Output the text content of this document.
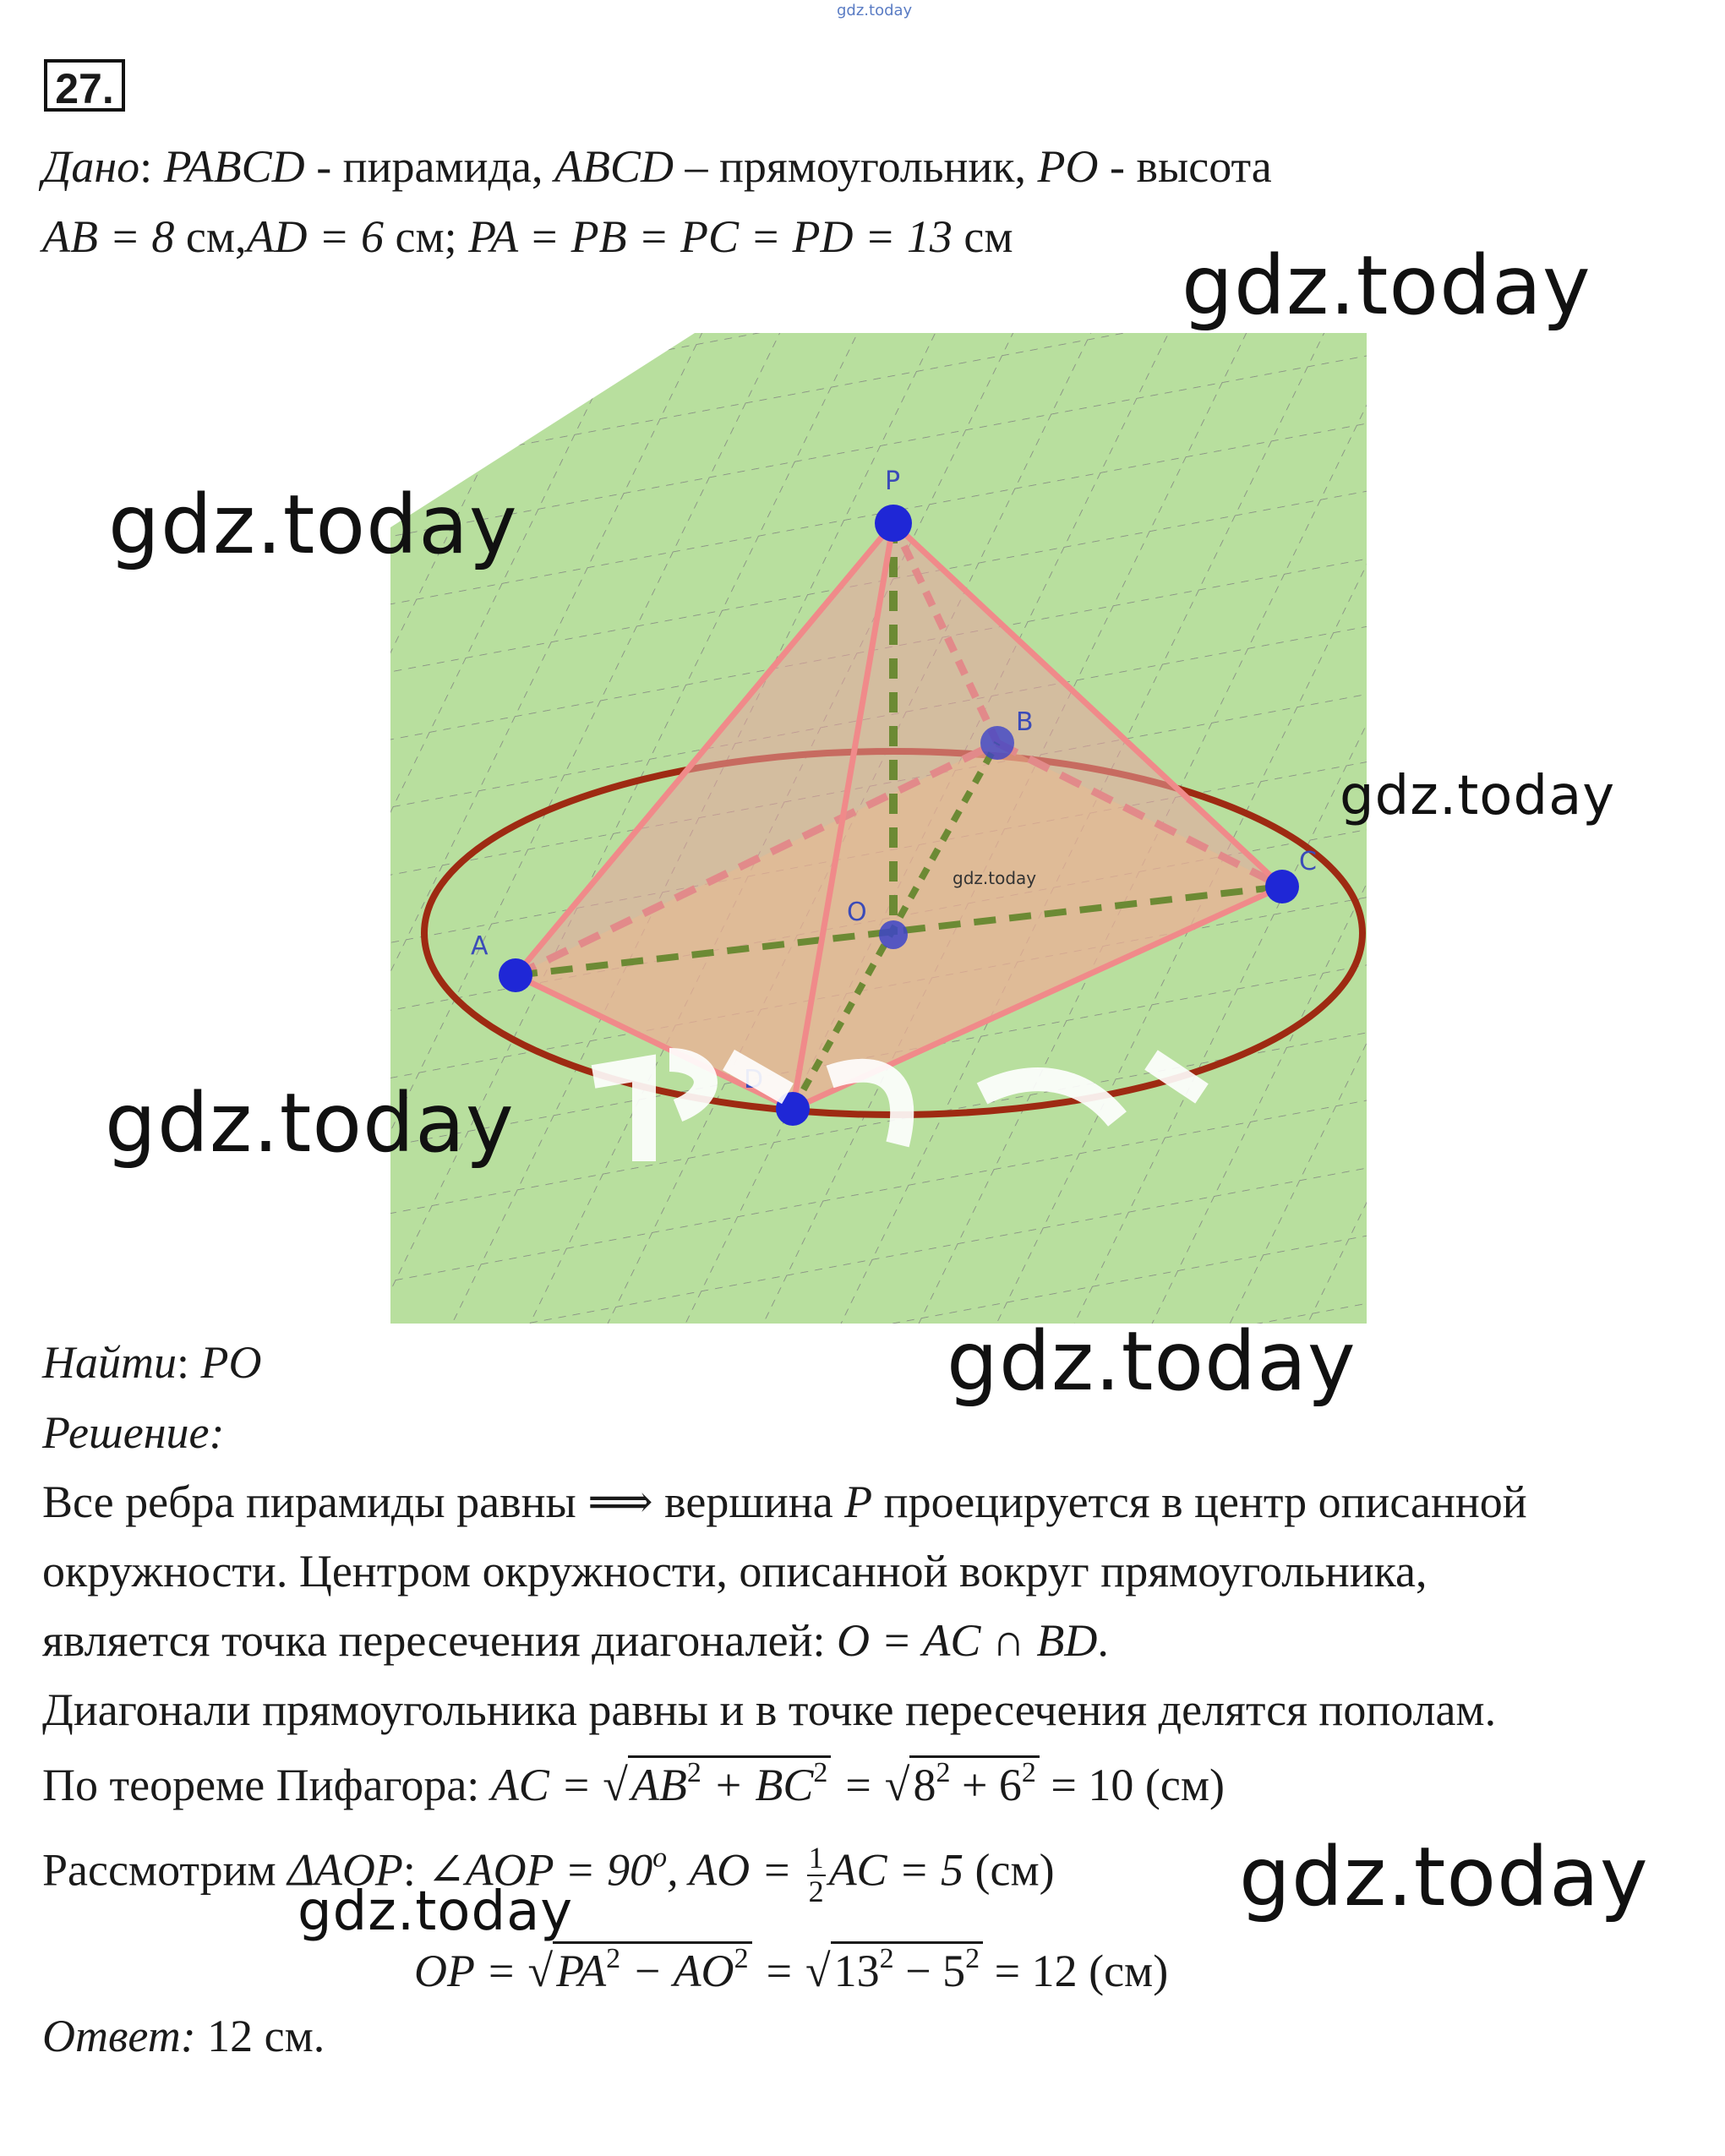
gdz.today
27.
Дано: PABCD - пирамида, ABCD – прямоугольник, PO - высота
AB = 8 см,AD = 6 см; PA = PB = PC = PD = 13 см
P
A
B
C
D
O
gdz.today
gdz.today
gdz.today
gdz.today
gdz.today
gdz.today
gdz.today
gdz.today
Найти: PO
Решение:
Все ребра пирамиды равны ⟹ вершина P проецируется в центр описанной
окружности. Центром окружности, описанной вокруг прямоугольника,
является точка пересечения диагоналей: O = AC ∩ BD.
Диагонали прямоугольника равны и в точке пересечения делятся пополам.
По теореме Пифагора: AC = $√AB^2 + BC^2 = √8^2 + 6^2 = 10$ (см)
Рассмотрим ΔAOP: ∠AOP = $90^o$, AO = $\frac{1}{2}$ AC = 5 (см)
OP = $√PA^2 - AO^2 = √13^2 - 5^2 = 12$ (см)
Ответ: 12 см.
